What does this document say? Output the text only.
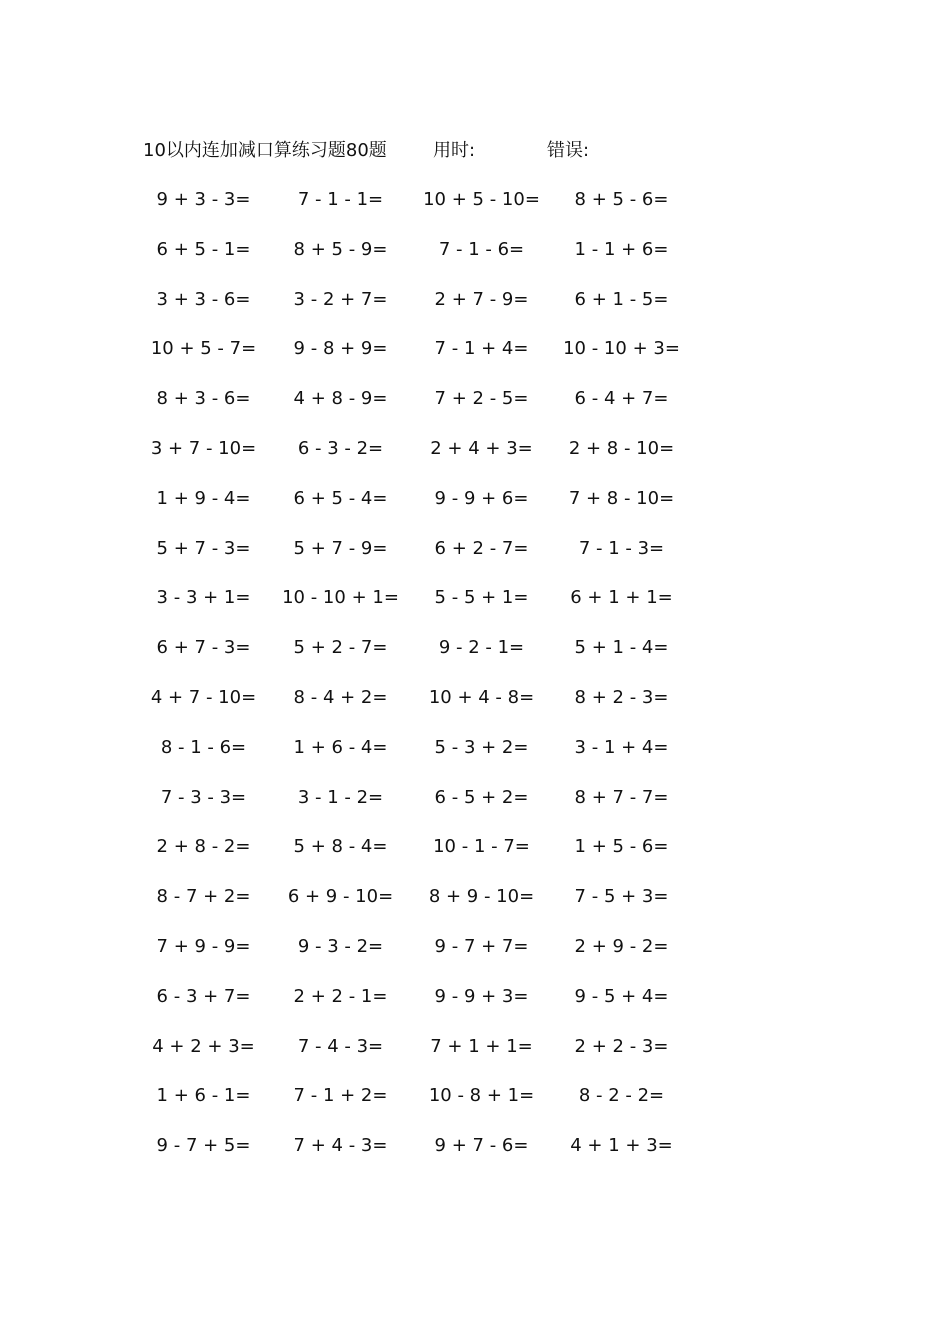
10以内连加减口算练习题80题	用时:	错误:
9 + 3 - 3=	7 - 1 - 1=	10 + 5 - 10=	8 + 5 - 6=
6 + 5 - 1=	8 + 5 - 9=	7 - 1 - 6=	1 - 1 + 6=
3 + 3 - 6=	3 - 2 + 7=	2 + 7 - 9=	6 + 1 - 5=
10 + 5 - 7=	9 - 8 + 9=	7 - 1 + 4=	10 - 10 + 3=
8 + 3 - 6=	4 + 8 - 9=	7 + 2 - 5=	6 - 4 + 7=
3 + 7 - 10=	6 - 3 - 2=	2 + 4 + 3=	2 + 8 - 10=
1 + 9 - 4=	6 + 5 - 4=	9 - 9 + 6=	7 + 8 - 10=
5 + 7 - 3=	5 + 7 - 9=	6 + 2 - 7=	7 - 1 - 3=
3 - 3 + 1=	10 - 10 + 1=	5 - 5 + 1=	6 + 1 + 1=
6 + 7 - 3=	5 + 2 - 7=	9 - 2 - 1=	5 + 1 - 4=
4 + 7 - 10=	8 - 4 + 2=	10 + 4 - 8=	8 + 2 - 3=
8 - 1 - 6=	1 + 6 - 4=	5 - 3 + 2=	3 - 1 + 4=
7 - 3 - 3=	3 - 1 - 2=	6 - 5 + 2=	8 + 7 - 7=
2 + 8 - 2=	5 + 8 - 4=	10 - 1 - 7=	1 + 5 - 6=
8 - 7 + 2=	6 + 9 - 10=	8 + 9 - 10=	7 - 5 + 3=
7 + 9 - 9=	9 - 3 - 2=	9 - 7 + 7=	2 + 9 - 2=
6 - 3 + 7=	2 + 2 - 1=	9 - 9 + 3=	9 - 5 + 4=
4 + 2 + 3=	7 - 4 - 3=	7 + 1 + 1=	2 + 2 - 3=
1 + 6 - 1=	7 - 1 + 2=	10 - 8 + 1=	8 - 2 - 2=
9 - 7 + 5=	7 + 4 - 3=	9 + 7 - 6=	4 + 1 + 3=
